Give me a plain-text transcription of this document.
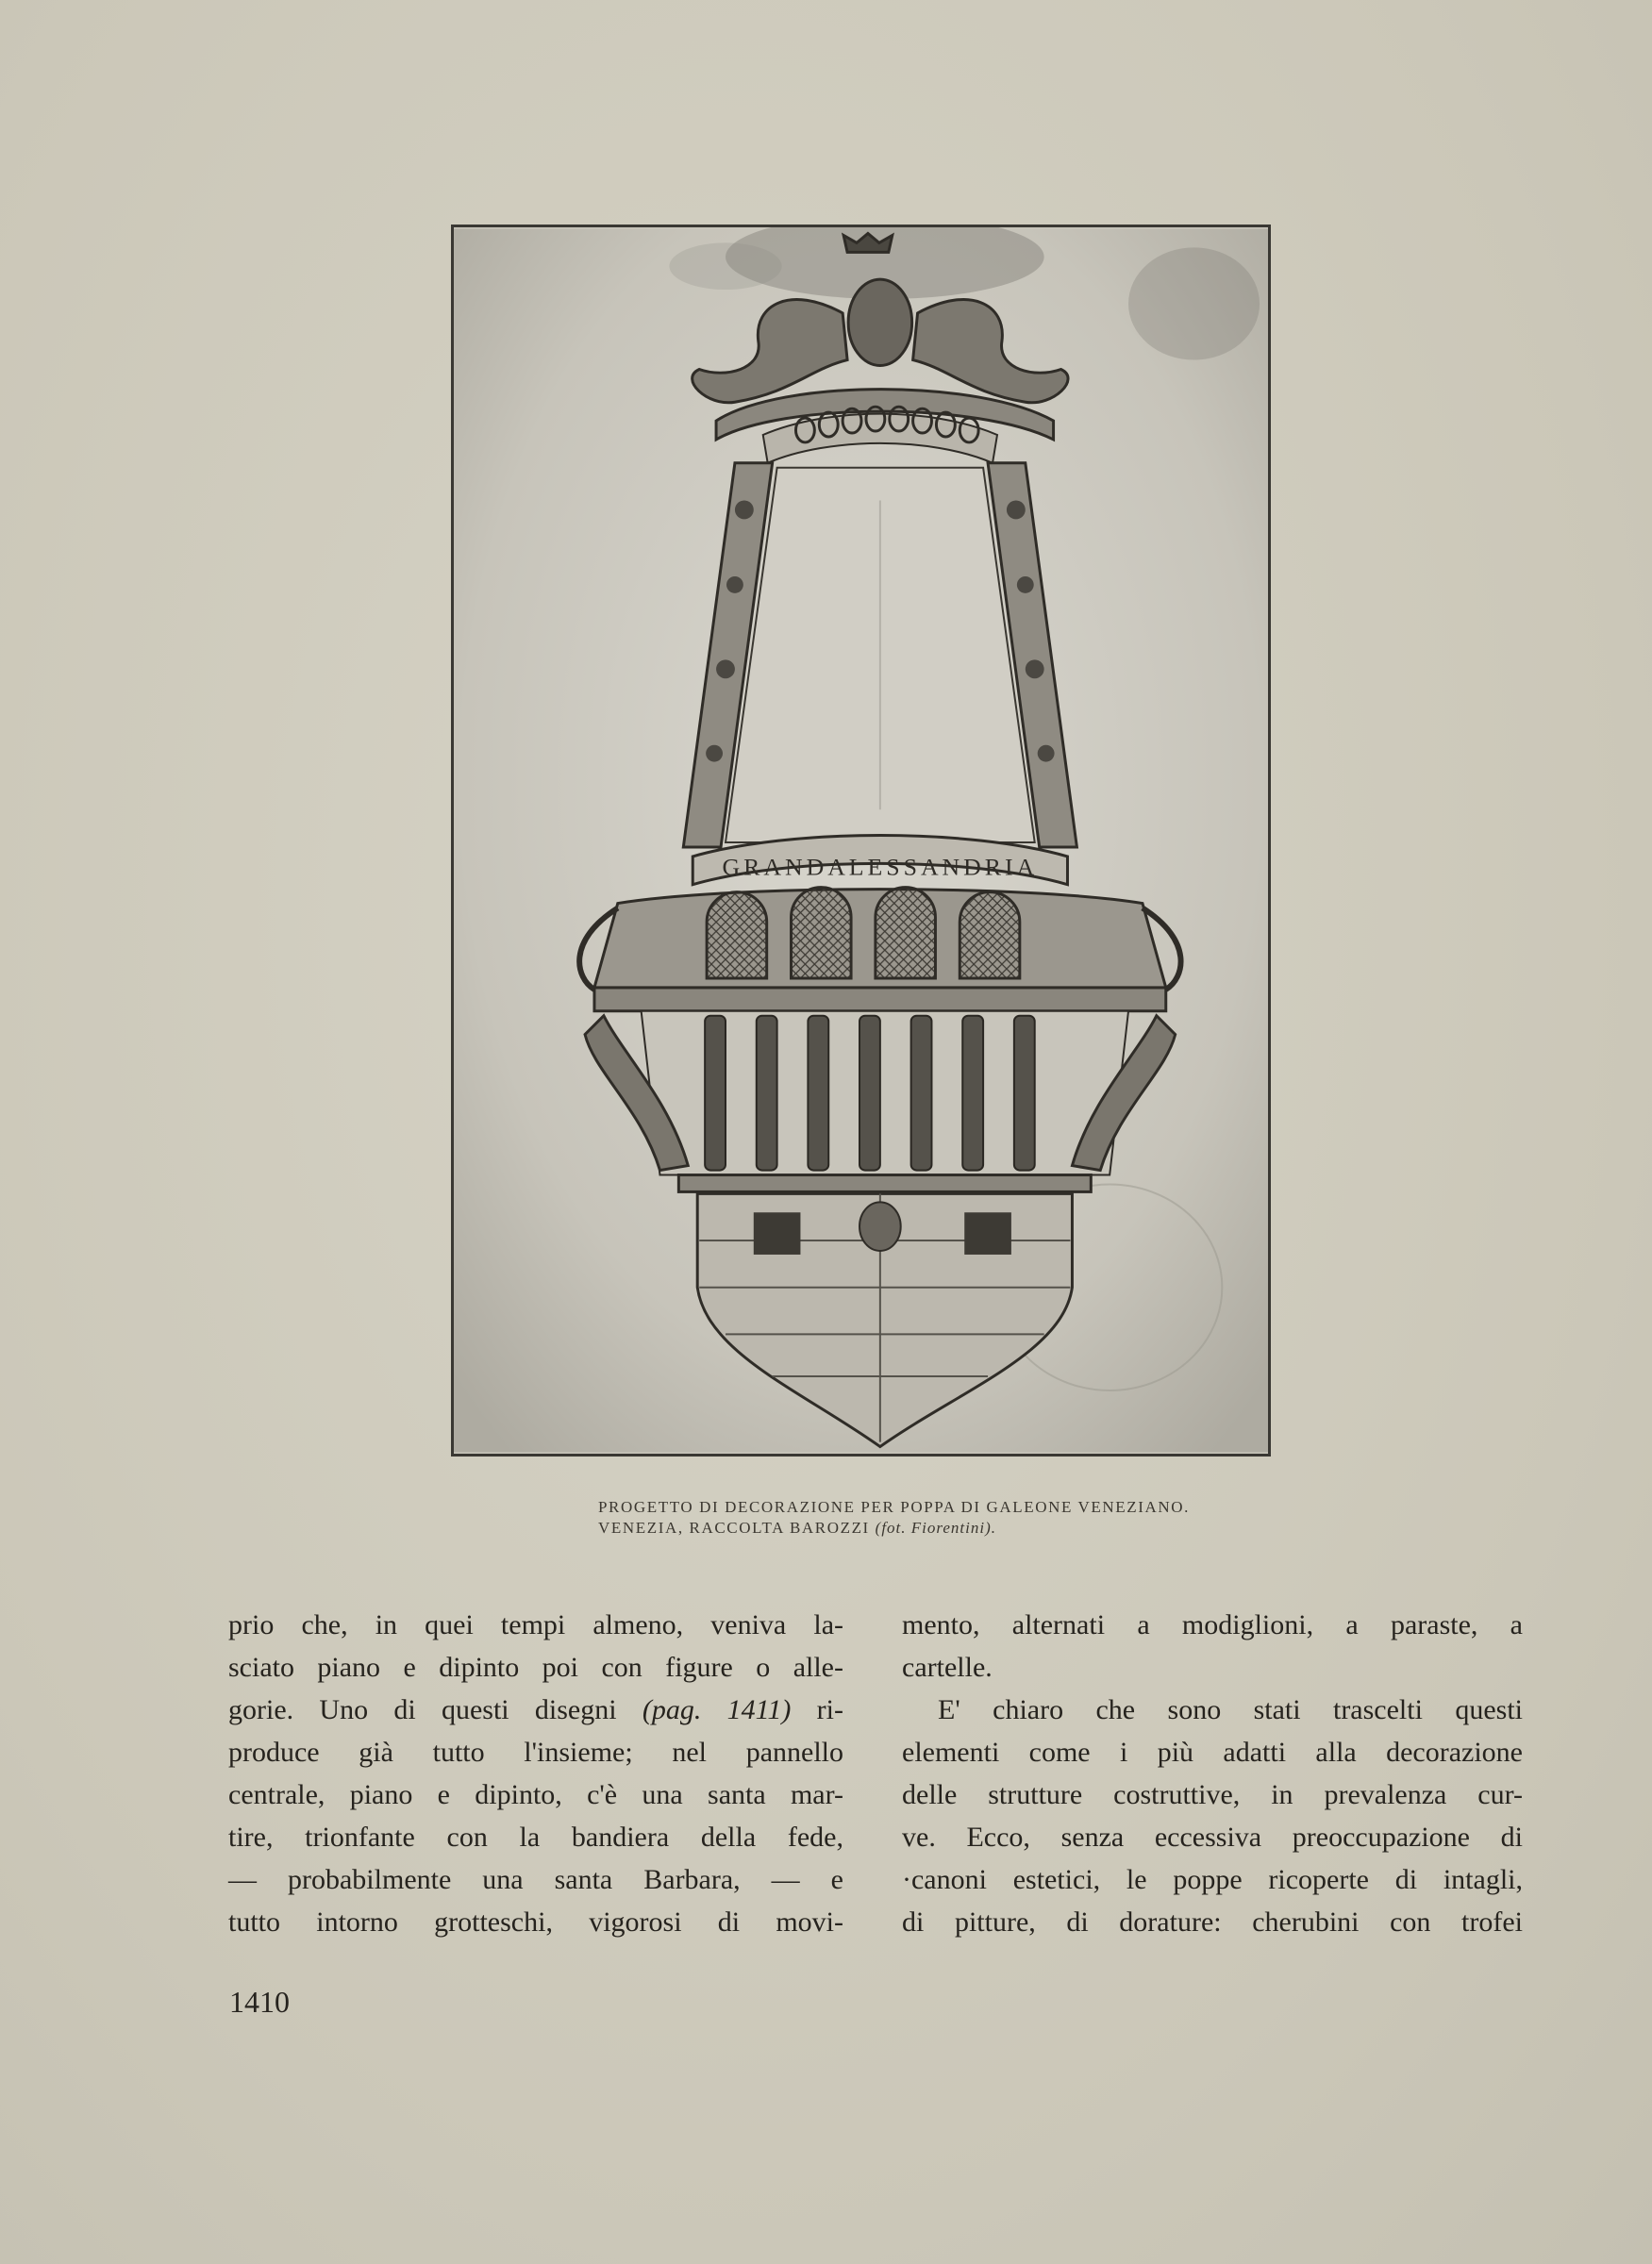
GRANDALESSANDRIA
PROGETTO DI DECORAZIONE PER POPPA DI GALEONE VENEZIANO.
VENEZIA, RACCOLTA BAROZZI (fot. Fiorentini).
prio che, in quei tempi almeno, veniva la-
sciato piano e dipinto poi con figure o alle-
gorie. Uno di questi disegni (pag. 1411) ri-
produce già tutto l'insieme; nel pannello
centrale, piano e dipinto, c'è una santa mar-
tire, trionfante con la bandiera della fede,
— probabilmente una santa Barbara, — e
tutto intorno grotteschi, vigorosi di movi-
mento, alternati a modiglioni, a paraste, a
cartelle.
E' chiaro che sono stati trascelti questi
elementi come i più adatti alla decorazione
delle strutture costruttive, in prevalenza cur-
ve. Ecco, senza eccessiva preoccupazione di
·canoni estetici, le poppe ricoperte di intagli,
di pitture, di dorature: cherubini con trofei
1410
